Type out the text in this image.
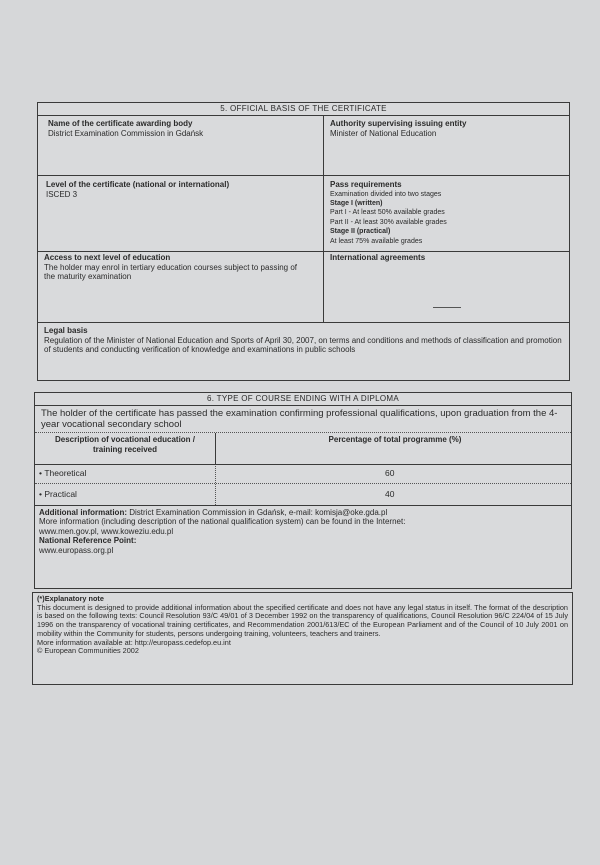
5. OFFICIAL BASIS OF THE CERTIFICATE
Name of the certificate awarding body
District Examination Commission in Gdańsk
Authority supervising issuing entity
Minister of National Education
Level of the certificate (national or international)
ISCED 3
Pass requirements
Examination divided into two stages
Stage I (written)
Part I - At least 50% available grades
Part II - At least 30% available grades
Stage II (practical)
At least 75% available grades
Access to next level of education
The holder may enrol in tertiary education courses subject to passing of the maturity examination
International agreements
Legal basis
Regulation of the Minister of National Education and Sports of April 30, 2007, on terms and conditions and methods of classification and promotion of students and conducting verification of knowledge and examinations in public schools
6. TYPE OF COURSE ENDING WITH A DIPLOMA
The holder of the certificate has passed the examination confirming professional qualifications, upon graduation from the 4-year vocational secondary school
Description of vocational education / training received
Percentage of total programme (%)
• Theoretical	60
• Practical	40
Additional information: District Examination Commission in Gdańsk, e-mail: komisja@oke.gda.pl
More information (including description of the national qualification system) can be found in the Internet:
www.men.gov.pl, www.koweziu.edu.pl
National Reference Point:
www.europass.org.pl
(*)Explanatory note
This document is designed to provide additional information about the specified certificate and does not have any legal status in itself. The format of the description is based on the following texts: Council Resolution 93/C 49/01 of 3 December 1992 on the transparency of qualifications, Council Resolution 96/C 224/04 of 15 July 1996 on the transparency of vocational training certificates, and Recommendation 2001/613/EC of the European Parliament and of the Council of 10 July 2001 on mobility within the Community for students, persons undergoing training, volunteers, teachers and trainers.
More information available at: http://europass.cedefop.eu.int
© European Communities 2002
